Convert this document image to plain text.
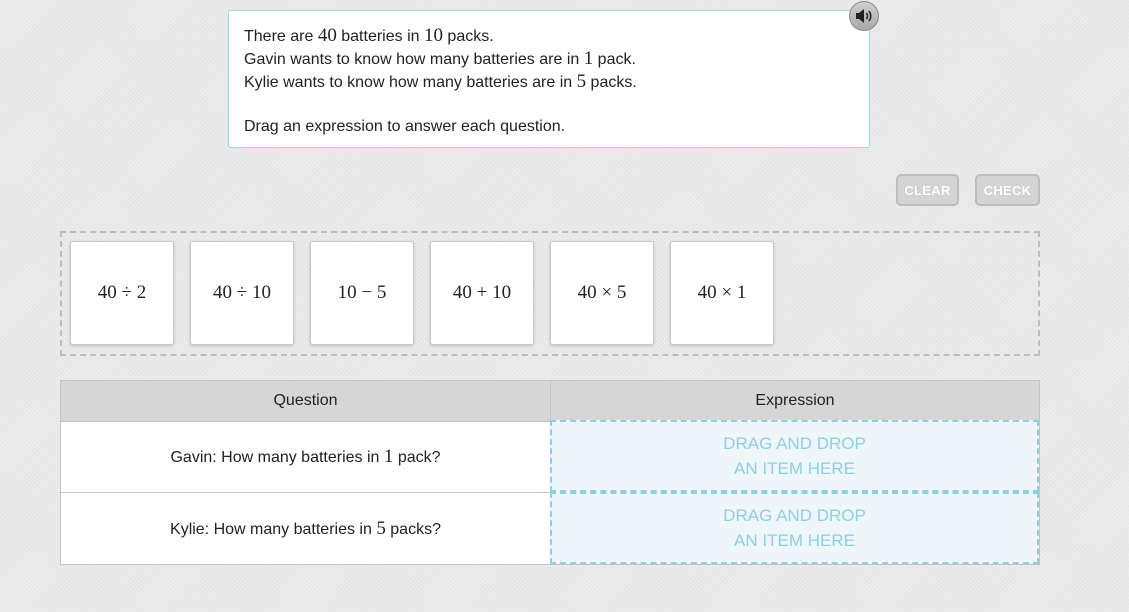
There are 40 batteries in 10 packs.

Gavin wants to know how many batteries are in 1 pack.

Kylie wants to know how many batteries are in 5 packs.

Drag an expression to answer each question.

CLEAR	CHECK
40 ÷ 2	40 ÷ 10	10 − 5	40 + 10	40 × 5	40 × 1
Question	Expression
Gavin: How many batteries in 1 pack?
DRAG AND DROP
AN ITEM HERE
Kylie: How many batteries in 5 packs?
DRAG AND DROP
AN ITEM HERE
